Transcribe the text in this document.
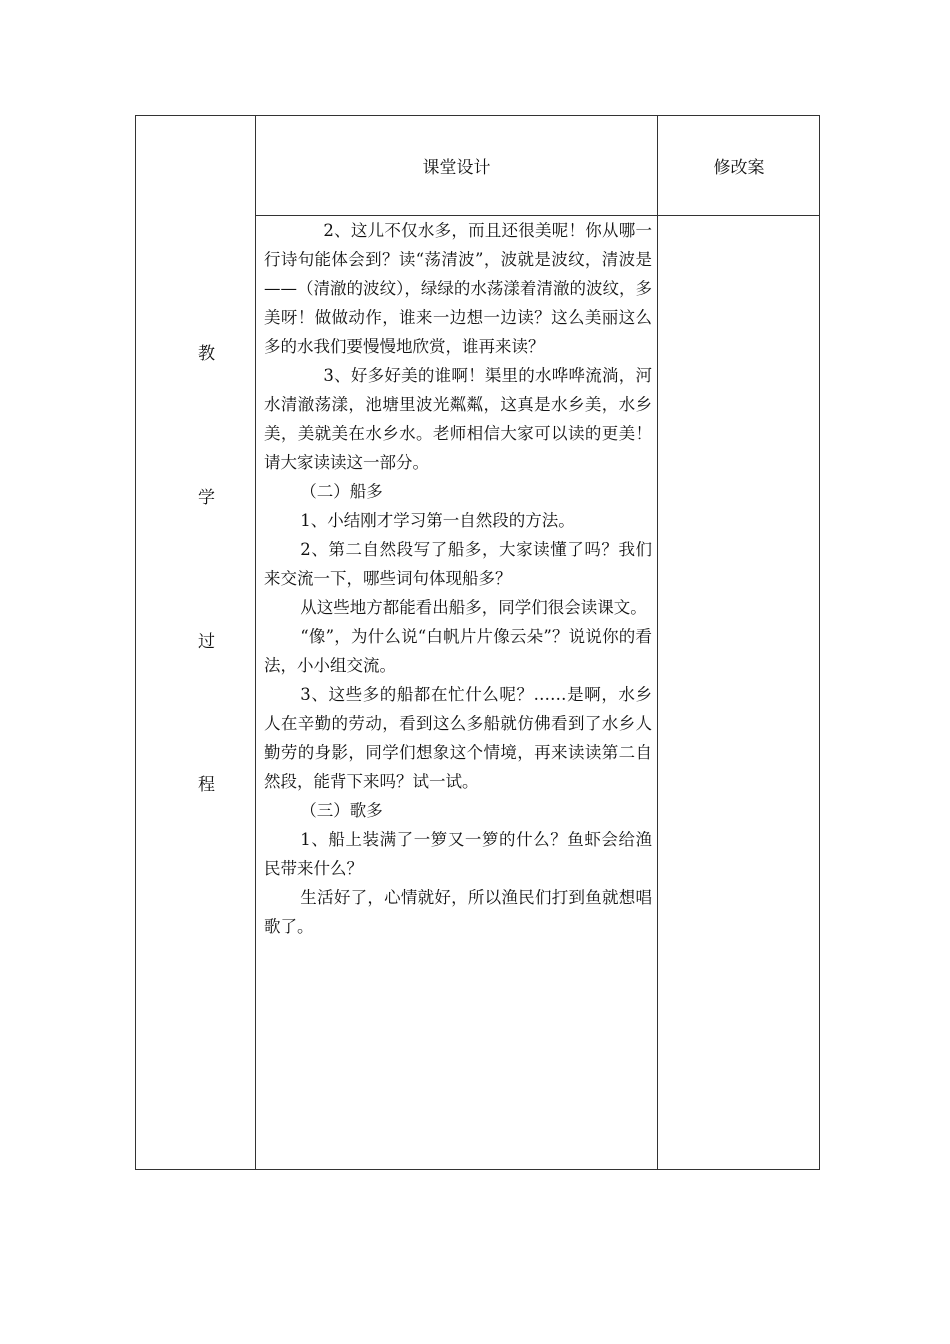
课堂设计	修改案
教
学
过
程

2、这儿不仅水多，而且还很美呢！你从哪一行诗句能体会到？读“荡清波”，波就是波纹，清波是——（清澈的波纹），绿绿的水荡漾着清澈的波纹，多美呀！做做动作，谁来一边想一边读？这么美丽这么多的水我们要慢慢地欣赏，谁再来读？

3、好多好美的谁啊！渠里的水哗哗流淌，河水清澈荡漾，池塘里波光粼粼，这真是水乡美，水乡美，美就美在水乡水。老师相信大家可以读的更美！请大家读读这一部分。

（二）船多

1、小结刚才学习第一自然段的方法。

2、第二自然段写了船多，大家读懂了吗？我们来交流一下，哪些词句体现船多？

从这些地方都能看出船多，同学们很会读课文。

“像”，为什么说“白帆片片像云朵”？说说你的看法，小小组交流。

3、这些多的船都在忙什么呢？……是啊，水乡人在辛勤的劳动，看到这么多船就仿佛看到了水乡人勤劳的身影，同学们想象这个情境，再来读读第二自然段，能背下来吗？试一试。

（三）歌多

1、船上装满了一箩又一箩的什么？鱼虾会给渔民带来什么？

生活好了，心情就好，所以渔民们打到鱼就想唱歌了。
